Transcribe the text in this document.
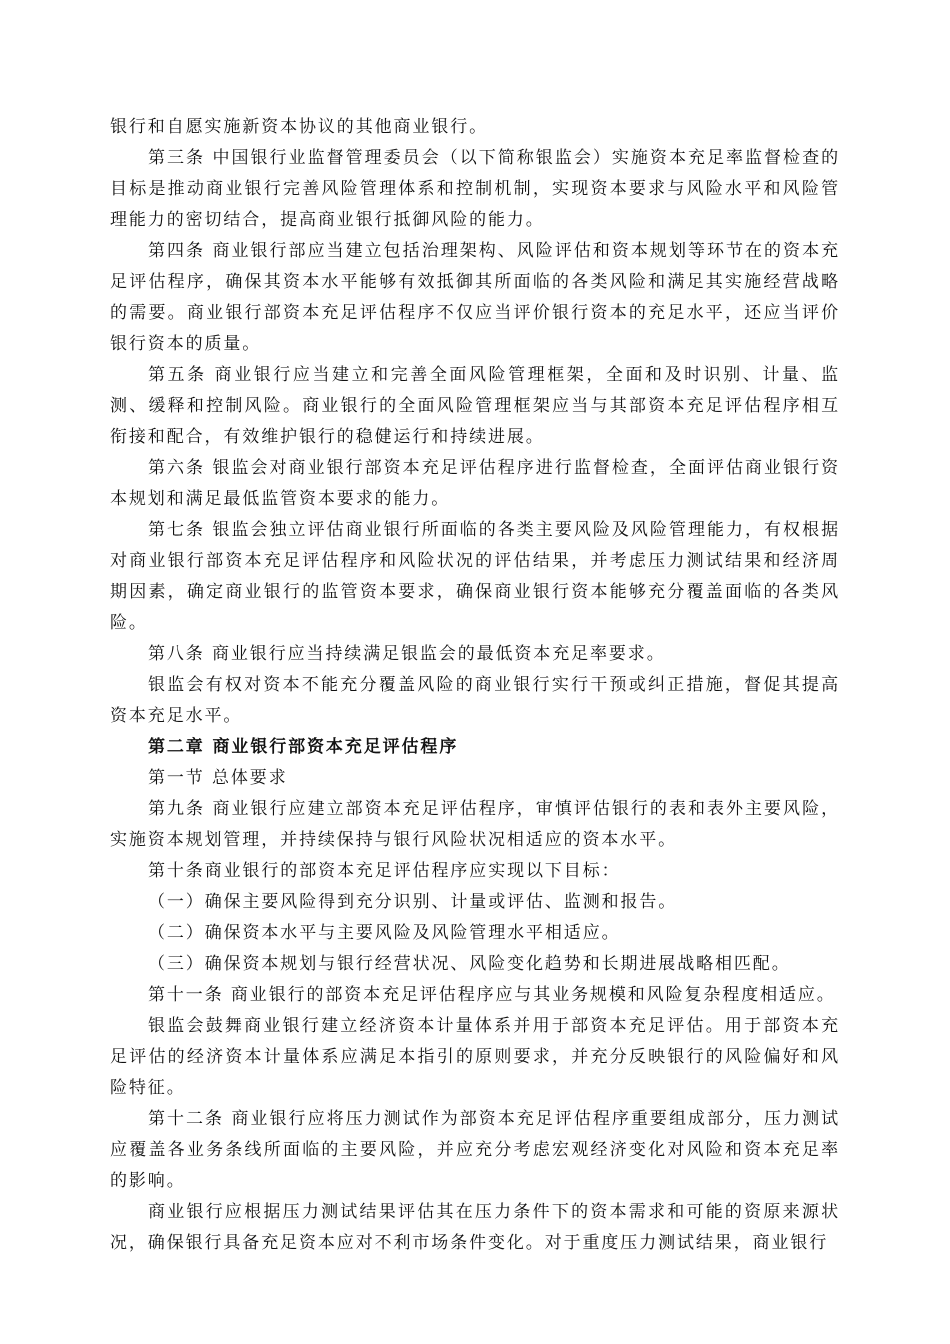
银行和自愿实施新资本协议的其他商业银行。

第三条 中国银行业监督管理委员会（以下简称银监会）实施资本充足率监督检查的目标是推动商业银行完善风险管理体系和控制机制，实现资本要求与风险水平和风险管理能力的密切结合，提高商业银行抵御风险的能力。

第四条 商业银行部应当建立包括治理架构、风险评估和资本规划等环节在的资本充足评估程序，确保其资本水平能够有效抵御其所面临的各类风险和满足其实施经营战略的需要。商业银行部资本充足评估程序不仅应当评价银行资本的充足水平，还应当评价银行资本的质量。

第五条 商业银行应当建立和完善全面风险管理框架，全面和及时识别、计量、监测、缓释和控制风险。商业银行的全面风险管理框架应当与其部资本充足评估程序相互衔接和配合，有效维护银行的稳健运行和持续进展。

第六条 银监会对商业银行部资本充足评估程序进行监督检查，全面评估商业银行资本规划和满足最低监管资本要求的能力。

第七条 银监会独立评估商业银行所面临的各类主要风险及风险管理能力，有权根据对商业银行部资本充足评估程序和风险状况的评估结果，并考虑压力测试结果和经济周期因素，确定商业银行的监管资本要求，确保商业银行资本能够充分覆盖面临的各类风险。

第八条 商业银行应当持续满足银监会的最低资本充足率要求。

银监会有权对资本不能充分覆盖风险的商业银行实行干预或纠正措施，督促其提高资本充足水平。

第二章 商业银行部资本充足评估程序

第一节 总体要求

第九条 商业银行应建立部资本充足评估程序，审慎评估银行的表和表外主要风险，实施资本规划管理，并持续保持与银行风险状况相适应的资本水平。

第十条商业银行的部资本充足评估程序应实现以下目标：

（一）确保主要风险得到充分识别、计量或评估、监测和报告。

（二）确保资本水平与主要风险及风险管理水平相适应。

（三）确保资本规划与银行经营状况、风险变化趋势和长期进展战略相匹配。

第十一条 商业银行的部资本充足评估程序应与其业务规模和风险复杂程度相适应。

银监会鼓舞商业银行建立经济资本计量体系并用于部资本充足评估。用于部资本充足评估的经济资本计量体系应满足本指引的原则要求，并充分反映银行的风险偏好和风险特征。

第十二条 商业银行应将压力测试作为部资本充足评估程序重要组成部分，压力测试应覆盖各业务条线所面临的主要风险，并应充分考虑宏观经济变化对风险和资本充足率的影响。

商业银行应根据压力测试结果评估其在压力条件下的资本需求和可能的资原来源状况，确保银行具备充足资本应对不利市场条件变化。对于重度压力测试结果，商业银行
